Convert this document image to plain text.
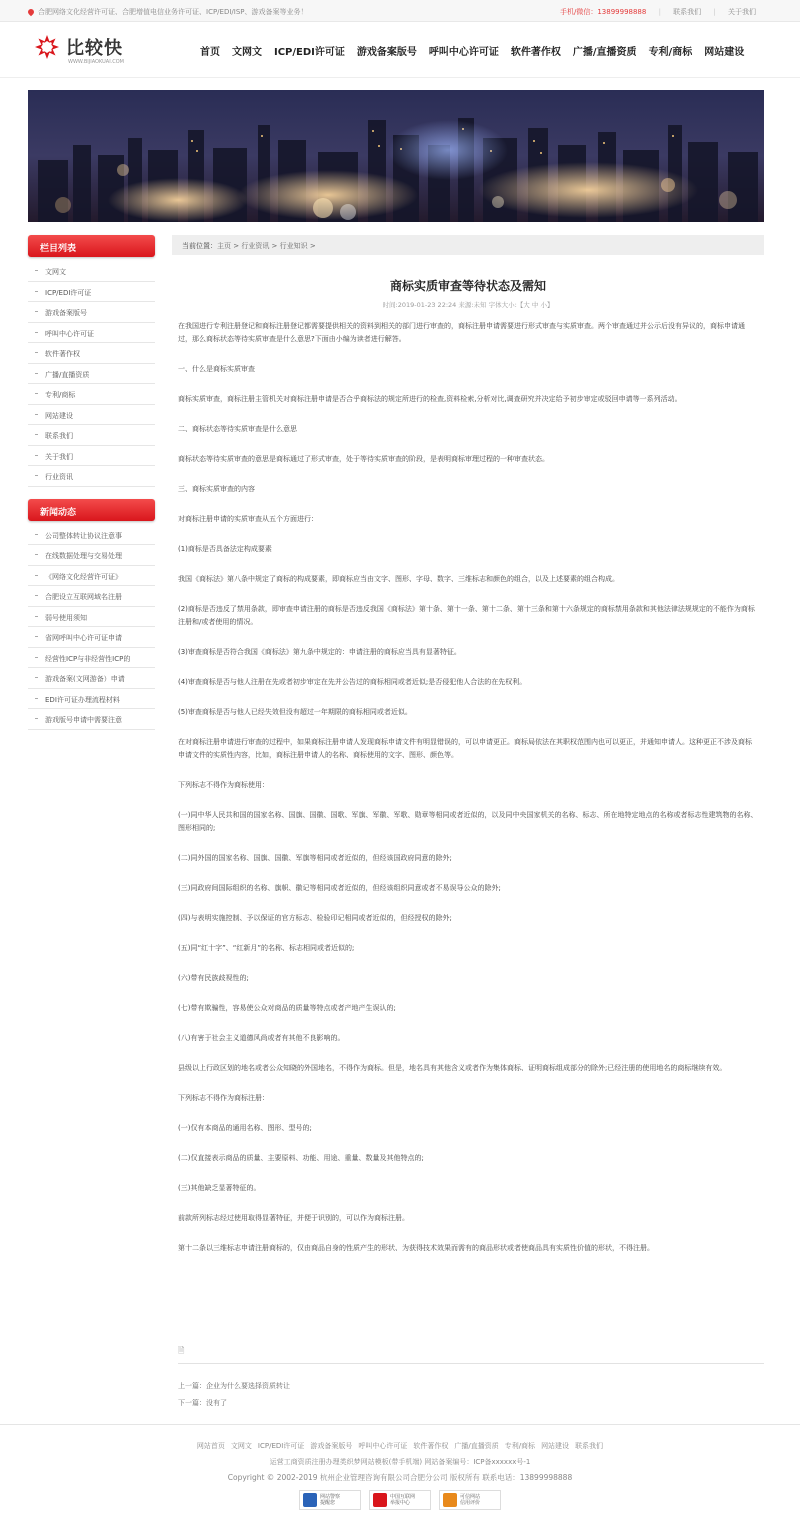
合肥网络文化经营许可证、合肥增值电信业务许可证、ICP/EDI/ISP、游戏备案等业务！	手机/微信：13899998888 | 联系我们 | 关于我们
比较快
WWW.BIJIAOKUAI.COM
首页 文网文 ICP/EDI许可证 游戏备案版号 呼叫中心许可证 软件著作权 广播/直播资质 专利/商标 网站建设
栏目列表
文网文
ICP/EDI许可证
游戏备案版号
呼叫中心许可证
软件著作权
广播/直播资质
专利/商标
网站建设
联系我们
关于我们
行业资讯
新闻动态
公司整体转让协议注意事
在线数据处理与交易处理
《网络文化经营许可证》
合肥设立互联网域名注册
弱号使用须知
省网呼叫中心许可证申请
经营性ICP与非经营性ICP的
游戏备案(文网游备）申请
EDI许可证办理流程材料
游戏版号申请中需要注意
当前位置：主页 > 行业资讯 > 行业知识 >
商标实质审查等待状态及需知
时间:2019-01-23 22:24 来源:未知 字体大小:【大 中 小】

在我国进行专利注册登记和商标注册登记都需要提供相关的资料到相关的部门进行审查的，商标注册申请需要进行形式审查与实质审查。两个审查通过并公示后没有异议的，商标申请通过，那么商标状态等待实质审查是什么意思?下面由小编为读者进行解答。

一、什么是商标实质审查

商标实质审查，商标注册主管机关对商标注册申请是否合乎商标法的规定所进行的检查,资料检索,分析对比,调查研究并决定给予初步审定或驳回申请等一系列活动。

二、商标状态等待实质审查是什么意思

商标状态等待实质审查的意思是商标通过了形式审查，处于等待实质审查的阶段，是表明商标审理过程的一种审查状态。

三、商标实质审查的内容

对商标注册申请的实质审查从五个方面进行：

(1)商标是否具备法定构成要素

我国《商标法》第八条中规定了商标的构成要素，即商标应当由文字、图形、字母、数字、三维标志和颜色的组合，以及上述要素的组合构成。

(2)商标是否违反了禁用条款，即审查申请注册的商标是否违反我国《商标法》第十条、第十一条、第十二条、第十三条和第十六条规定的商标禁用条款和其他法律法规规定的不能作为商标注册和/或者使用的情况。

(3)审查商标是否符合我国《商标法》第九条中规定的：申请注册的商标应当具有显著特征。

(4)审查商标是否与他人注册在先或者初步审定在先并公告过的商标相同或者近似;是否侵犯他人合法的在先权利。

(5)审查商标是否与他人已经失效但没有超过一年期限的商标相同或者近似。

在对商标注册申请进行审查的过程中，如果商标注册申请人发现商标申请文件有明显错误的，可以申请更正。商标局依法在其职权范围内也可以更正，并通知申请人。这种更正不涉及商标申请文件的实质性内容，比如，商标注册申请人的名称、商标使用的文字、图形、颜色等。

下列标志不得作为商标使用：

(一)同中华人民共和国的国家名称、国旗、国徽、国歌、军旗、军徽、军歌、勋章等相同或者近似的，以及同中央国家机关的名称、标志、所在地特定地点的名称或者标志性建筑物的名称、图形相同的;

(二)同外国的国家名称、国旗、国徽、军旗等相同或者近似的，但经该国政府同意的除外;

(三)同政府间国际组织的名称、旗帜、徽记等相同或者近似的，但经该组织同意或者不易误导公众的除外;

(四)与表明实施控制、予以保证的官方标志、检验印记相同或者近似的，但经授权的除外;

(五)同“红十字”、“红新月”的名称、标志相同或者近似的;

(六)带有民族歧视性的;

(七)带有欺骗性，容易使公众对商品的质量等特点或者产地产生误认的;

(八)有害于社会主义道德风尚或者有其他不良影响的。

县级以上行政区划的地名或者公众知晓的外国地名，不得作为商标。但是，地名具有其他含义或者作为集体商标、证明商标组成部分的除外;已经注册的使用地名的商标继续有效。

下列标志不得作为商标注册：

(一)仅有本商品的通用名称、图形、型号的;

(二)仅直接表示商品的质量、主要原料、功能、用途、重量、数量及其他特点的;

(三)其他缺乏显著特征的。

前款所列标志经过使用取得显著特征，并便于识别的，可以作为商标注册。

第十二条以三维标志申请注册商标的，仅由商品自身的性质产生的形状、为获得技术效果而需有的商品形状或者使商品具有实质性价值的形状，不得注册。

🗎
上一篇：企业为什么要选择资质转让
下一篇：没有了
网站首页 文网文 ICP/EDI许可证 游戏备案版号 呼叫中心许可证 软件著作权 广播/直播资质 专利/商标 网站建设 联系我们
运营工商资质注册办理类织梦网站模板(带手机端) 网站备案编号：ICP备xxxxxx号-1
Copyright © 2002-2019 杭州企业管理咨询有限公司合肥分公司 版权所有 联系电话：13899998888
网站警察
提醒您
中国互联网
举报中心
可信网站
信用评价
